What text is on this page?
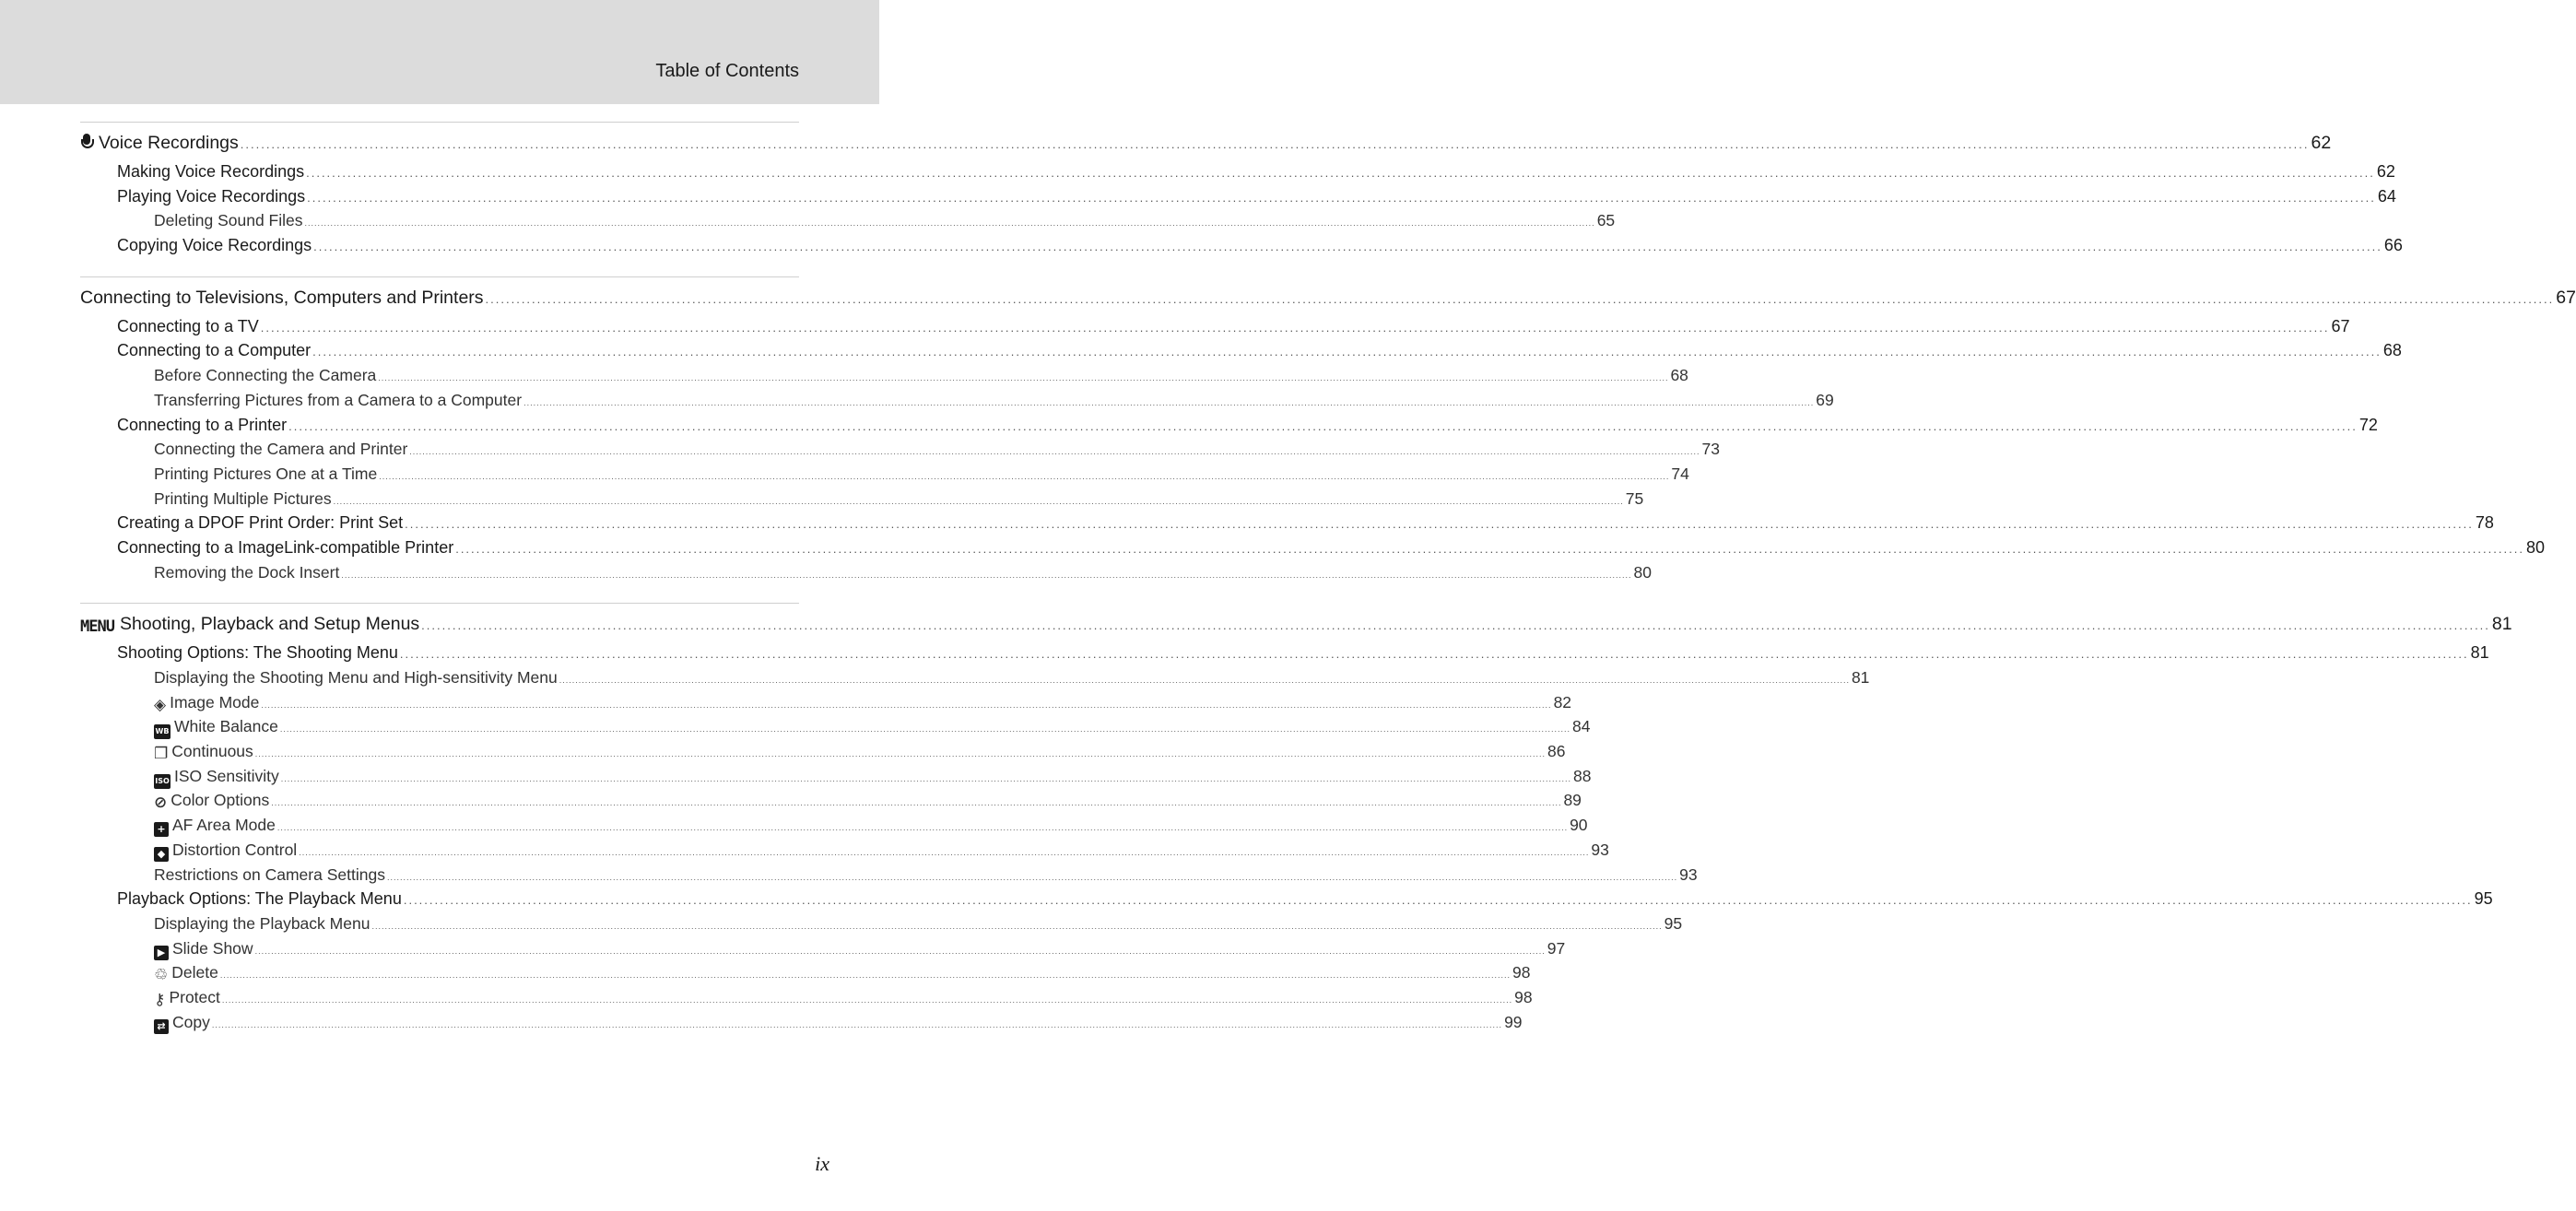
Table of Contents
Voice Recordings ................................................................................................................................................................................................................................................................................................................................................................................................................ 62
Making Voice Recordings ................................................................................................................................................................................................................................................................................................................................................................................................................ 62
Playing Voice Recordings ................................................................................................................................................................................................................................................................................................................................................................................................................ 64
Deleting Sound Files ................................................................................................................................................................................................................................................................................................................................................................................................................ 65
Copying Voice Recordings ................................................................................................................................................................................................................................................................................................................................................................................................................ 66
Connecting to Televisions, Computers and Printers ................................................................................................................................................................................................................................................................................................................................................................................................................ 67
Connecting to a TV ................................................................................................................................................................................................................................................................................................................................................................................................................ 67
Connecting to a Computer ................................................................................................................................................................................................................................................................................................................................................................................................................ 68
Before Connecting the Camera ................................................................................................................................................................................................................................................................................................................................................................................................................ 68
Transferring Pictures from a Camera to a Computer ................................................................................................................................................................................................................................................................................................................................................................................................................ 69
Connecting to a Printer ................................................................................................................................................................................................................................................................................................................................................................................................................ 72
Connecting the Camera and Printer ................................................................................................................................................................................................................................................................................................................................................................................................................ 73
Printing Pictures One at a Time ................................................................................................................................................................................................................................................................................................................................................................................................................ 74
Printing Multiple Pictures ................................................................................................................................................................................................................................................................................................................................................................................................................ 75
Creating a DPOF Print Order: Print Set ................................................................................................................................................................................................................................................................................................................................................................................................................ 78
Connecting to a ImageLink-compatible Printer ................................................................................................................................................................................................................................................................................................................................................................................................................ 80
Removing the Dock Insert ................................................................................................................................................................................................................................................................................................................................................................................................................ 80
MENU Shooting, Playback and Setup Menus ................................................................................................................................................................................................................................................................................................................................................................................................................ 81
Shooting Options: The Shooting Menu ................................................................................................................................................................................................................................................................................................................................................................................................................ 81
Displaying the Shooting Menu and High-sensitivity Menu ................................................................................................................................................................................................................................................................................................................................................................................................................ 81
◈ Image Mode ................................................................................................................................................................................................................................................................................................................................................................................................................ 82
WB White Balance ................................................................................................................................................................................................................................................................................................................................................................................................................ 84
❐ Continuous ................................................................................................................................................................................................................................................................................................................................................................................................................ 86
ISO ISO Sensitivity ................................................................................................................................................................................................................................................................................................................................................................................................................ 88
⊘ Color Options ................................................................................................................................................................................................................................................................................................................................................................................................................ 89
+ AF Area Mode ................................................................................................................................................................................................................................................................................................................................................................................................................ 90
◆ Distortion Control ................................................................................................................................................................................................................................................................................................................................................................................................................ 93
Restrictions on Camera Settings ................................................................................................................................................................................................................................................................................................................................................................................................................ 93
Playback Options: The Playback Menu ................................................................................................................................................................................................................................................................................................................................................................................................................ 95
Displaying the Playback Menu ................................................................................................................................................................................................................................................................................................................................................................................................................ 95
▶ Slide Show ................................................................................................................................................................................................................................................................................................................................................................................................................ 97
♲ Delete ................................................................................................................................................................................................................................................................................................................................................................................................................ 98
⚷ Protect ................................................................................................................................................................................................................................................................................................................................................................................................................ 98
⇄ Copy ................................................................................................................................................................................................................................................................................................................................................................................................................ 99
ix
